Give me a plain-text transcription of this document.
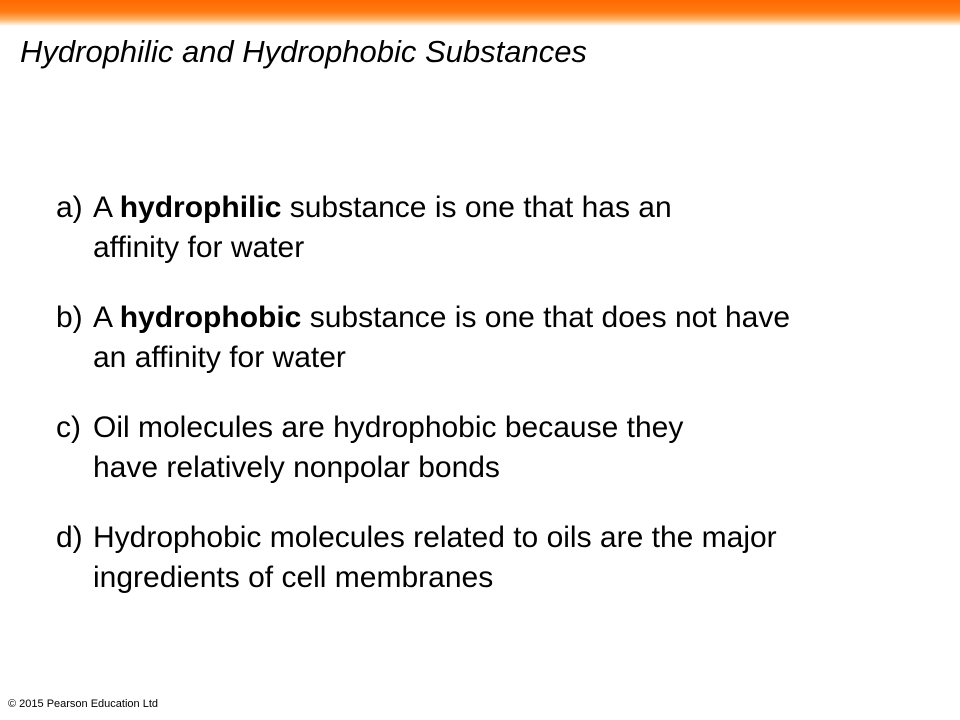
Hydrophilic and Hydrophobic Substances
a) A hydrophilic substance is one that has an
affinity for water
b) A hydrophobic substance is one that does not have
an affinity for water
c) Oil molecules are hydrophobic because they
have relatively nonpolar bonds
d) Hydrophobic molecules related to oils are the major
ingredients of cell membranes
© 2015 Pearson Education Ltd
